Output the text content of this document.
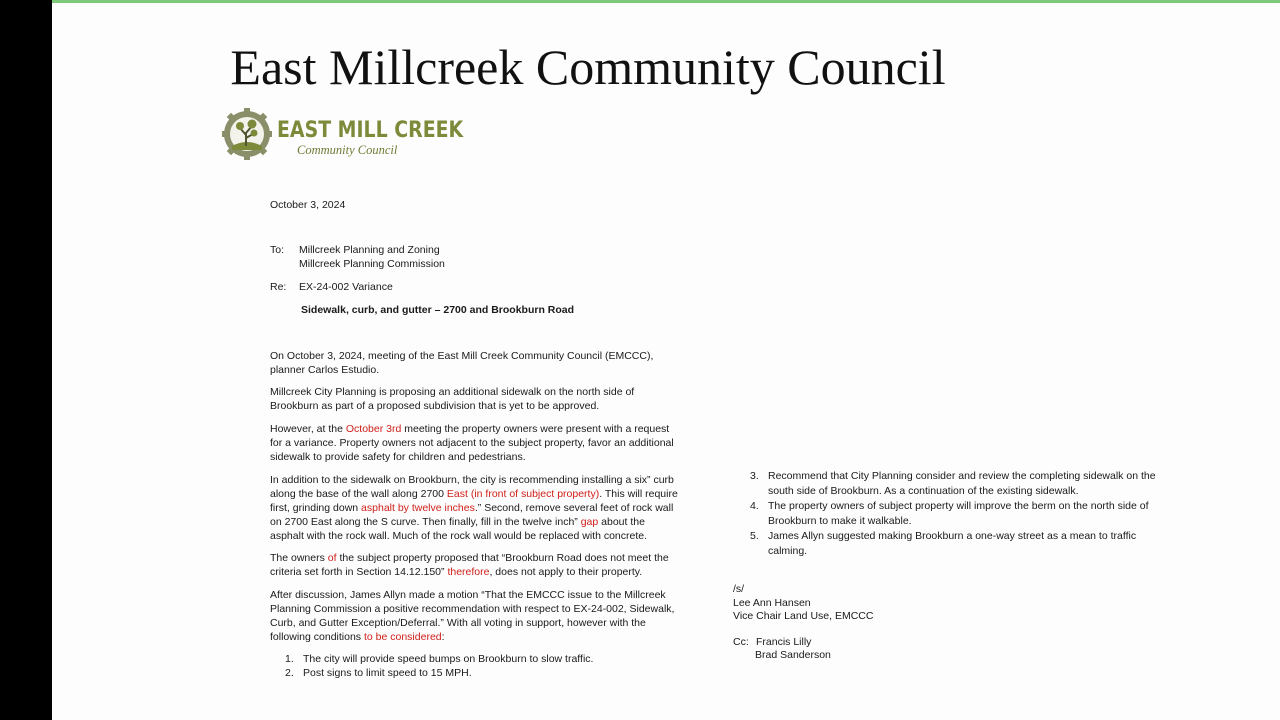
East Millcreek Community Council
EAST MILL CREEK
Community Council
October 3, 2024
To: Millcreek Planning and Zoning
Millcreek Planning Commission
Re: EX-24-002 Variance
Sidewalk, curb, and gutter – 2700 and Brookburn Road

On October 3, 2024, meeting of the East Mill Creek Community Council (EMCCC), planner Carlos Estudio.

Millcreek City Planning is proposing an additional sidewalk on the north side of Brookburn as part of a proposed subdivision that is yet to be approved.

However, at the October 3rd meeting the property owners were present with a request for a variance. Property owners not adjacent to the subject property, favor an additional sidewalk to provide safety for children and pedestrians.

In addition to the sidewalk on Brookburn, the city is recommending installing a six” curb along the base of the wall along 2700 East (in front of subject property). This will require first, grinding down asphalt by twelve inches.” Second, remove several feet of rock wall on 2700 East along the S curve. Then finally, fill in the twelve inch” gap about the asphalt with the rock wall. Much of the rock wall would be replaced with concrete.

The owners of the subject property proposed that “Brookburn Road does not meet the criteria set forth in Section 14.12.150” therefore, does not apply to their property.

After discussion, James Allyn made a motion “That the EMCCC issue to the Millcreek Planning Commission a positive recommendation with respect to EX-24-002, Sidewalk, Curb, and Gutter Exception/Deferral.” With all voting in support, however with the following conditions to be considered:

1. The city will provide speed bumps on Brookburn to slow traffic.
2. Post signs to limit speed to 15 MPH.
3. Recommend that City Planning consider and review the completing sidewalk on the south side of Brookburn. As a continuation of the existing sidewalk.
4. The property owners of subject property will improve the berm on the north side of Brookburn to make it walkable.
5. James Allyn suggested making Brookburn a one-way street as a mean to traffic calming.
/s/
Lee Ann Hansen
Vice Chair Land Use, EMCCC
Cc: Francis Lilly
Brad Sanderson
